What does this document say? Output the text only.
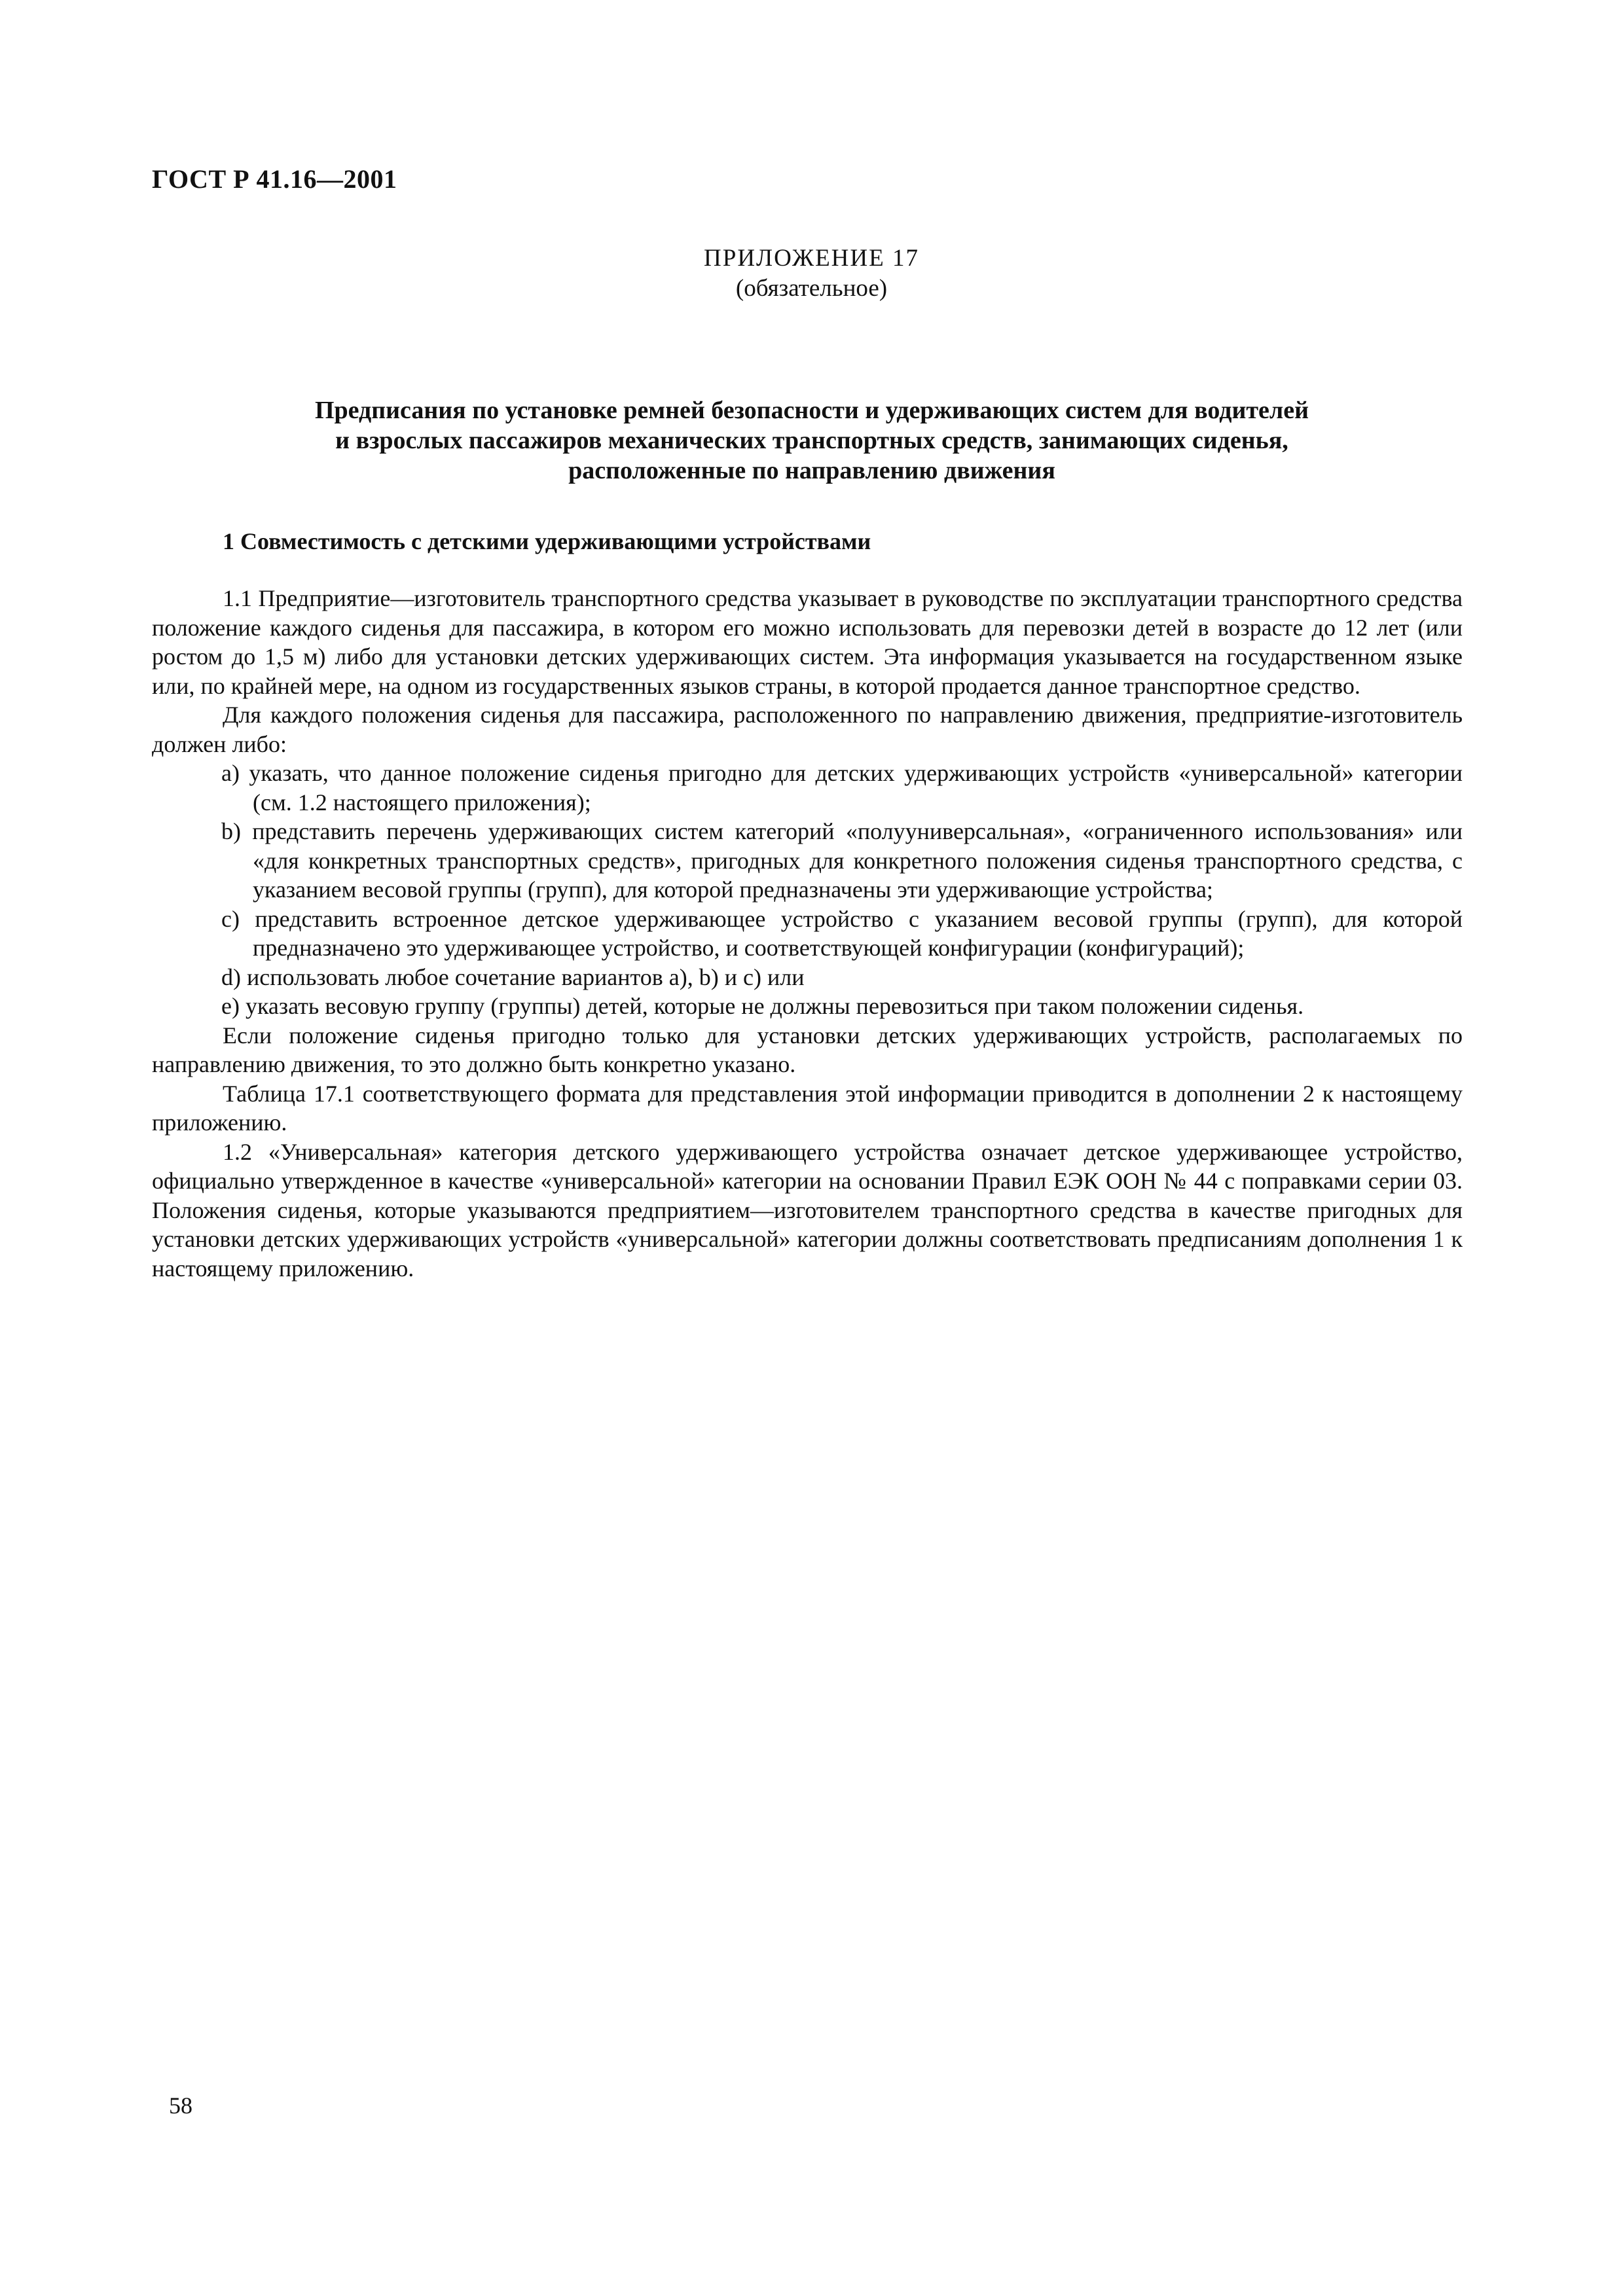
ГОСТ Р 41.16—2001
ПРИЛОЖЕНИЕ 17
(обязательное)
Предписания по установке ремней безопасности и удерживающих систем для водителей
и взрослых пассажиров механических транспортных средств, занимающих сиденья,
расположенные по направлению движения
1 Совместимость с детскими удерживающими устройствами

1.1 Предприятие—изготовитель транспортного средства указывает в руководстве по эксплуатации транспортного средства положение каждого сиденья для пассажира, в котором его можно использовать для перевозки детей в возрасте до 12 лет (или ростом до 1,5 м) либо для установки детских удерживающих систем. Эта информация указывается на государственном языке или, по крайней мере, на одном из государственных языков страны, в которой продается данное транспортное средство.

Для каждого положения сиденья для пассажира, расположенного по направлению движения, предприятие-изготовитель должен либо:

а) указать, что данное положение сиденья пригодно для детских удерживающих устройств «универсальной» категории (см. 1.2 настоящего приложения);
b) представить перечень удерживающих систем категорий «полууниверсальная», «ограниченного использования» или «для конкретных транспортных средств», пригодных для конкретного положения сиденья транспортного средства, с указанием весовой группы (групп), для которой предназначены эти удерживающие устройства;
c) представить встроенное детское удерживающее устройство с указанием весовой группы (групп), для которой предназначено это удерживающее устройство, и соответствующей конфигурации (конфигураций);
d) использовать любое сочетание вариантов а), b) и с) или
е) указать весовую группу (группы) детей, которые не должны перевозиться при таком положении сиденья.

Если положение сиденья пригодно только для установки детских удерживающих устройств, располагаемых по направлению движения, то это должно быть конкретно указано.

Таблица 17.1 соответствующего формата для представления этой информации приводится в дополнении 2 к настоящему приложению.

1.2 «Универсальная» категория детского удерживающего устройства означает детское удерживающее устройство, официально утвержденное в качестве «универсальной» категории на основании Правил ЕЭК ООН № 44 с поправками серии 03. Положения сиденья, которые указываются предприятием—изготовителем транспортного средства в качестве пригодных для установки детских удерживающих устройств «универсальной» категории должны соответствовать предписаниям дополнения 1 к настоящему приложению.

58
